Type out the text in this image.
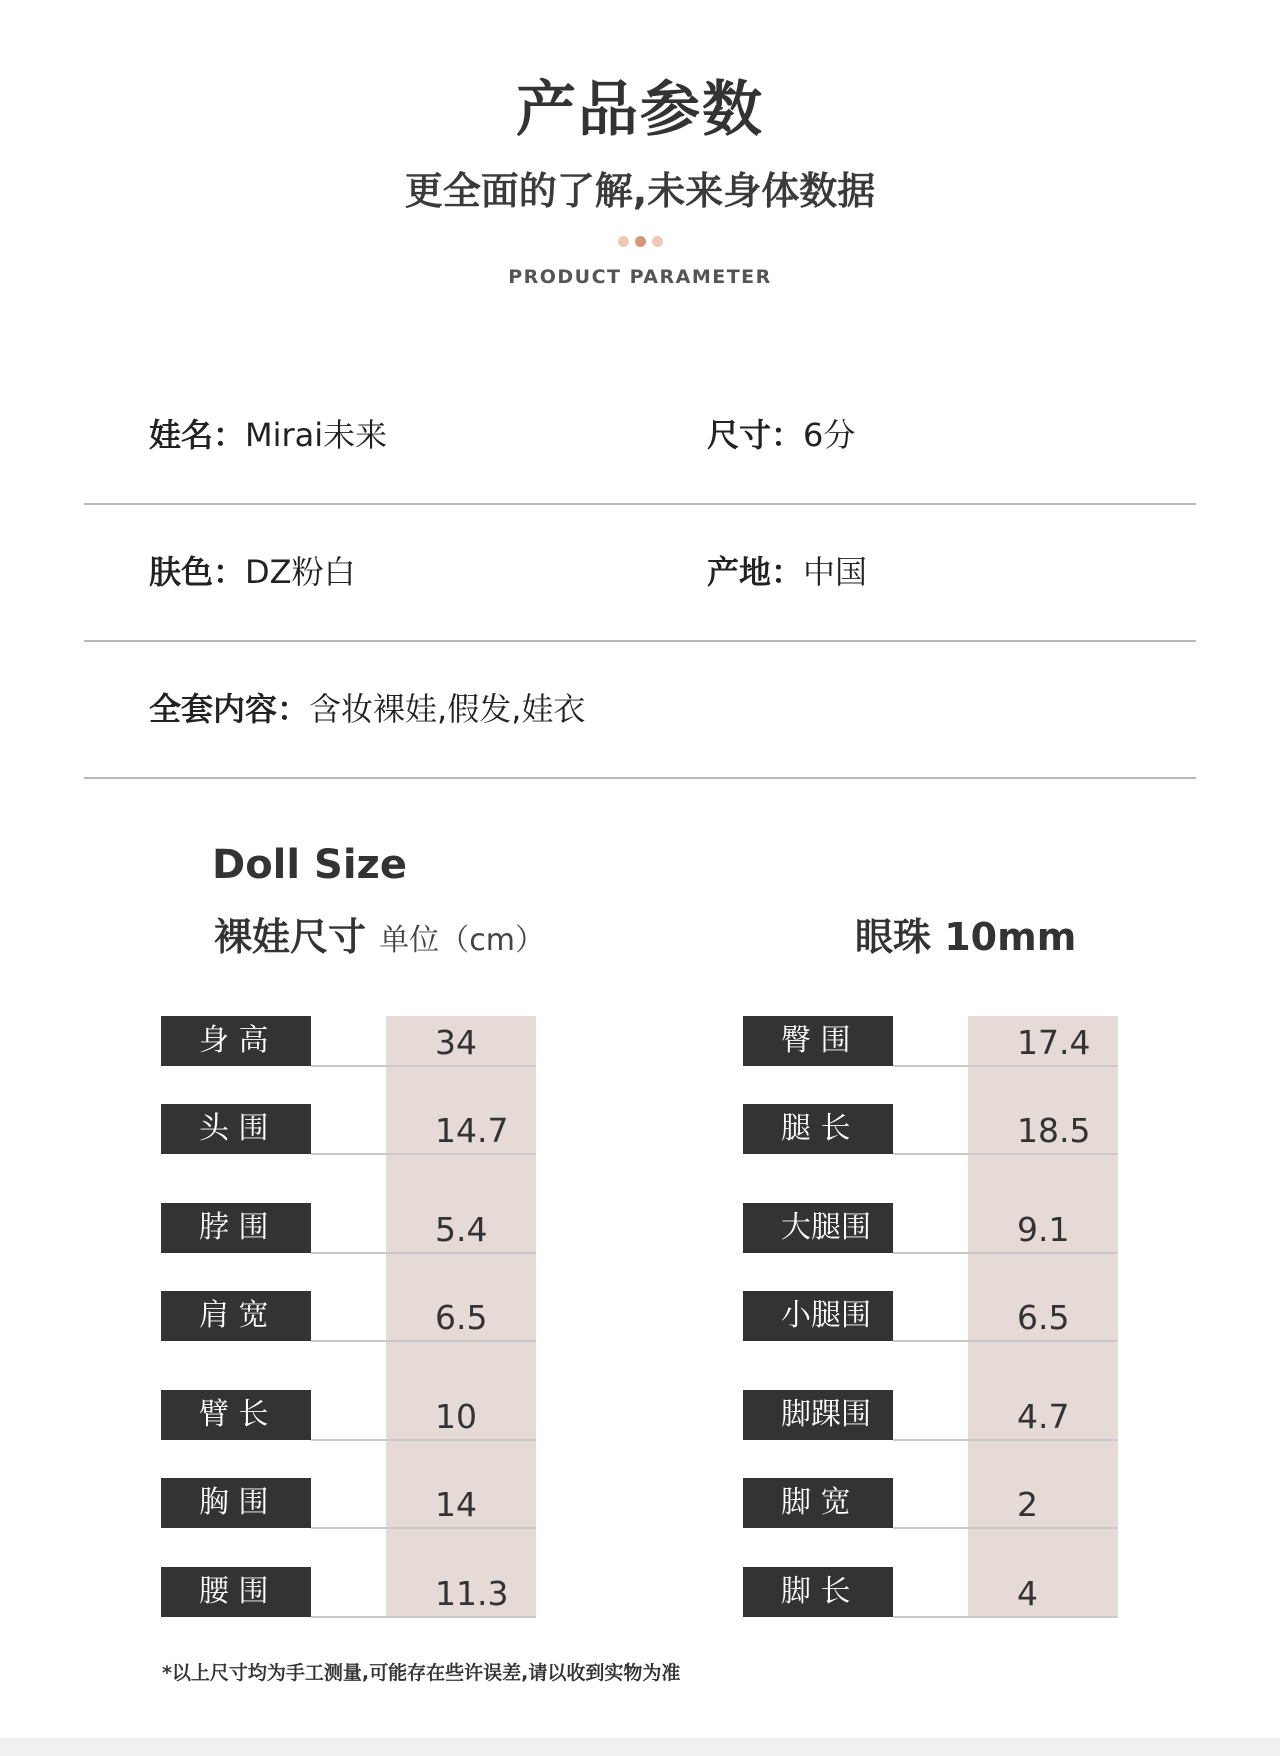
产品参数
更全面的了解,未来身体数据
PRODUCT PARAMETER
娃名：Mirai未来	尺寸：6分
肤色：DZ粉白	产地：中国
全套内容：含妆裸娃,假发,娃衣
Doll Size
裸娃尺寸 单位（cm）	眼珠 10mm
身 高	34
头 围	14.7
脖 围	5.4
肩 宽	6.5
臂 长	10
胸 围	14
腰 围	11.3
臀 围	17.4
腿 长	18.5
大腿围	9.1
小腿围	6.5
脚踝围	4.7
脚 宽	2
脚 长	4
*以上尺寸均为手工测量,可能存在些许误差,请以收到实物为准
